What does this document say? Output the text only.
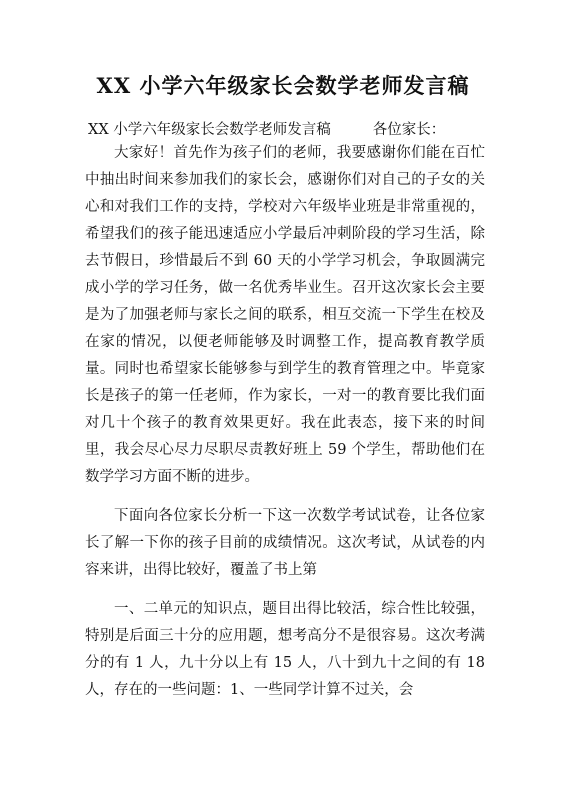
XX 小学六年级家长会数学老师发言稿
XX 小学六年级家长会数学老师发言稿	各位家长：

大家好！首先作为孩子们的老师，我要感谢你们能在百忙中抽出时间来参加我们的家长会，感谢你们对自己的子女的关心和对我们工作的支持，学校对六年级毕业班是非常重视的，希望我们的孩子能迅速适应小学最后冲刺阶段的学习生活，除去节假日，珍惜最后不到 60 天的小学学习机会，争取圆满完成小学的学习任务，做一名优秀毕业生。召开这次家长会主要是为了加强老师与家长之间的联系，相互交流一下学生在校及在家的情况，以便老师能够及时调整工作，提高教育教学质量。同时也希望家长能够参与到学生的教育管理之中。毕竟家长是孩子的第一任老师，作为家长，一对一的教育要比我们面对几十个孩子的教育效果更好。我在此表态，接下来的时间里，我会尽心尽力尽职尽责教好班上 59 个学生，帮助他们在数学学习方面不断的进步。

下面向各位家长分析一下这一次数学考试试卷，让各位家长了解一下你的孩子目前的成绩情况。这次考试，从试卷的内容来讲，出得比较好，覆盖了书上第

一、二单元的知识点，题目出得比较活，综合性比较强，特别是后面三十分的应用题，想考高分不是很容易。这次考满分的有 1 人，九十分以上有 15 人，八十到九十之间的有 18 人，存在的一些问题：1、一些同学计算不过关，会
